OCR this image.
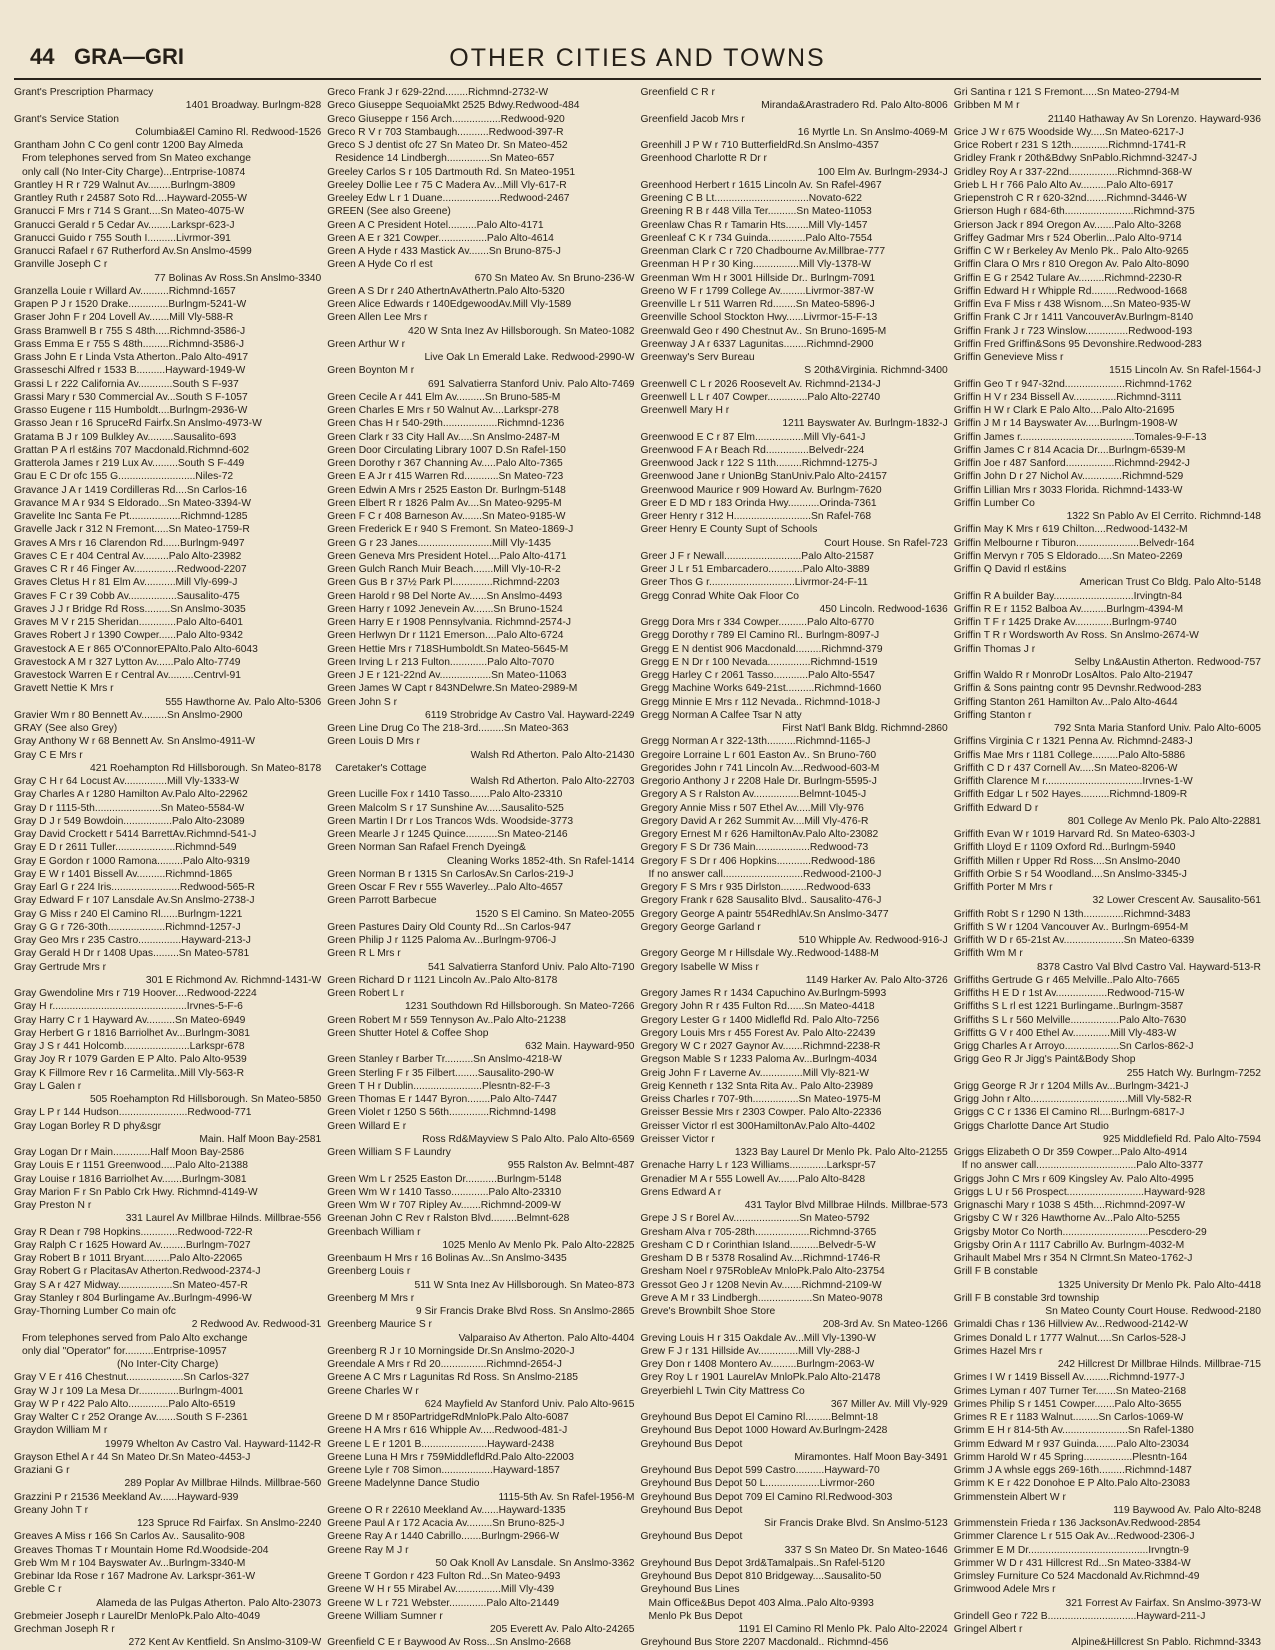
44 GRA—GRI	OTHER CITIES AND TOWNS
Grant's Prescription Pharmacy
1401 Broadway. Burlngm-828
Grant's Service Station
Columbia&El Camino Rl. Redwood-1526
Grantham John C Co genl contr 1200 Bay Almeda
From telephones served from Sn Mateo exchange
only call (No Inter-City Charge)...Entrprise-10874
Grantley H R r 729 Walnut Av........Burlngm-3809
Grantley Ruth r 24587 Soto Rd....Hayward-2055-W
Granucci F Mrs r 714 S Grant....Sn Mateo-4075-W
Granucci Gerald r 5 Cedar Av........Larkspr-623-J
Granucci Guido r 755 South I..........Livrmor-391
Granucci Rafael r 67 Rutherford Av.Sn Anslmo-4599
Granville Joseph C r
77 Bolinas Av Ross.Sn Anslmo-3340
Granzella Louie r Willard Av..........Richmnd-1657
Grapen P J r 1520 Drake..............Burlngm-5241-W
Graser John F r 204 Lovell Av.......Mill Vly-588-R
Grass Bramwell B r 755 S 48th.....Richmnd-3586-J
Grass Emma E r 755 S 48th.........Richmnd-3586-J
Grass John E r Linda Vsta Atherton..Palo Alto-4917
Grasseschi Alfred r 1533 B..........Hayward-1949-W
Grassi L r 222 California Av............South S F-937
Grassi Mary r 530 Commercial Av...South S F-1057
Grasso Eugene r 115 Humboldt....Burlngm-2936-W
Grasso Jean r 16 SpruceRd Fairfx.Sn Anslmo-4973-W
Gratama B J r 109 Bulkley Av.........Sausalito-693
Grattan P A rl est&ins 707 Macdonald.Richmnd-602
Gratterola James r 219 Lux Av.........South S F-449
Grau E C Dr ofc 155 G...........................Niles-72
Gravance J A r 1419 Cordilleras Rd....Sn Carlos-16
Gravance M A r 934 S Eldorado...Sn Mateo-3394-W
Gravelite Inc Santa Fe Pt..................Richmnd-1285
Gravelle Jack r 312 N Fremont.....Sn Mateo-1759-R
Graves A Mrs r 16 Clarendon Rd......Burlngm-9497
Graves C E r 404 Central Av.........Palo Alto-23982
Graves C R r 46 Finger Av...............Redwood-2207
Graves Cletus H r 81 Elm Av...........Mill Vly-699-J
Graves F C r 39 Cobb Av.................Sausalito-475
Graves J J r Bridge Rd Ross.........Sn Anslmo-3035
Graves M V r 215 Sheridan.............Palo Alto-6401
Graves Robert J r 1390 Cowper......Palo Alto-9342
Gravestock A E r 865 O'ConnorEPAlto.Palo Alto-6043
Gravestock A M r 327 Lytton Av......Palo Alto-7749
Gravestock Warren E r Central Av.........Centrvl-91
Gravett Nettie K Mrs r
555 Hawthorne Av. Palo Alto-5306
Gravier Wm r 80 Bennett Av.........Sn Anslmo-2900
GRAY (See also Grey)
Gray Anthony W r 68 Bennett Av. Sn Anslmo-4911-W
Gray C E Mrs r
421 Roehampton Rd Hillsborough. Sn Mateo-8178
Gray C H r 64 Locust Av...............Mill Vly-1333-W
Gray Charles A r 1280 Hamilton Av.Palo Alto-22962
Gray D r 1115-5th.......................Sn Mateo-5584-W
Gray D J r 549 Bowdoin.................Palo Alto-23089
Gray David Crockett r 5414 BarrettAv.Richmnd-541-J
Gray E D r 2611 Tuller.....................Richmnd-549
Gray E Gordon r 1000 Ramona.........Palo Alto-9319
Gray E W r 1401 Bissell Av..........Richmnd-1865
Gray Earl G r 224 Iris........................Redwood-565-R
Gray Edward F r 107 Lansdale Av.Sn Anslmo-2738-J
Gray G Miss r 240 El Camino Rl......Burlngm-1221
Gray G G r 726-30th....................Richmnd-1257-J
Gray Geo Mrs r 235 Castro...............Hayward-213-J
Gray Gerald H Dr r 1408 Upas.........Sn Mateo-5781
Gray Gertrude Mrs r
301 E Richmond Av. Richmnd-1431-W
Gray Gwendoline Mrs r 719 Hoover....Redwood-2224
Gray H r...............................................Irvnes-5-F-6
Gray Harry C r 1 Hayward Av..........Sn Mateo-6949
Gray Herbert G r 1816 Barriolhet Av...Burlngm-3081
Gray J S r 441 Holcomb.......................Larkspr-678
Gray Joy R r 1079 Garden E P Alto. Palo Alto-9539
Gray K Fillmore Rev r 16 Carmelita..Mill Vly-563-R
Gray L Galen r
505 Roehampton Rd Hillsborough. Sn Mateo-5850
Gray L P r 144 Hudson........................Redwood-771
Gray Logan Borley R D phy&sgr
Main. Half Moon Bay-2581
Gray Logan Dr r Main.............Half Moon Bay-2586
Gray Louis E r 1151 Greenwood.....Palo Alto-21388
Gray Louise r 1816 Barriolhet Av.......Burlngm-3081
Gray Marion F r Sn Pablo Crk Hwy. Richmnd-4149-W
Gray Preston N r
331 Laurel Av Millbrae Hilnds. Millbrae-556
Gray R Dean r 798 Hopkins.............Redwood-722-R
Gray Ralph C r 1625 Howard Av.........Burlngm-7027
Gray Robert B r 1011 Bryant.........Palo Alto-22065
Gray Robert G r PlacitasAv Atherton.Redwood-2374-J
Gray S A r 427 Midway...................Sn Mateo-457-R
Gray Stanley r 804 Burlingame Av..Burlngm-4996-W
Gray-Thorning Lumber Co main ofc
2 Redwood Av. Redwood-31
From telephones served from Palo Alto exchange
only dial "Operator" for..........Entrprise-10957
(No Inter-City Charge)
Gray V E r 416 Chestnut....................Sn Carlos-327
Gray W J r 109 La Mesa Dr..............Burlngm-4001
Gray W P r 422 Palo Alto..............Palo Alto-6519
Gray Walter C r 252 Orange Av.......South S F-2361
Graydon William M r
19979 Whelton Av Castro Val. Hayward-1142-R
Grayson Ethel A r 44 Sn Mateo Dr.Sn Mateo-4453-J
Graziani G r
289 Poplar Av Millbrae Hilnds. Millbrae-560
Grazzini P r 21536 Meekland Av......Hayward-939
Greany John T r
123 Spruce Rd Fairfax. Sn Anslmo-2240
Greaves A Miss r 166 Sn Carlos Av.. Sausalito-908
Greaves Thomas T r Mountain Home Rd.Woodside-204
Greb Wm M r 104 Bayswater Av...Burlngm-3340-M
Grebinar Ida Rose r 167 Madrone Av. Larkspr-361-W
Greble C r
Alameda de las Pulgas Atherton. Palo Alto-23073
Grebmeier Joseph r LaurelDr MenloPk.Palo Alto-4049
Grechman Joseph R r
272 Kent Av Kentfield. Sn Anslmo-3109-W
Greco Frank J r 629-22nd........Richmnd-2732-W
Greco Giuseppe SequoiaMkt 2525 Bdwy.Redwood-484
Greco Giuseppe r 156 Arch.................Redwood-920
Greco R V r 703 Stambaugh...........Redwood-397-R
Greco S J dentist ofc 27 Sn Mateo Dr. Sn Mateo-452
Residence 14 Lindbergh...............Sn Mateo-657
Greeley Carlos S r 105 Dartmouth Rd. Sn Mateo-1951
Greeley Dollie Lee r 75 C Madera Av...Mill Vly-617-R
Greeley Edw L r 1 Duane....................Redwood-2467
GREEN (See also Greene)
Green A C President Hotel..........Palo Alto-4171
Green A E r 321 Cowper.................Palo Alto-4614
Green A Hyde r 433 Mastick Av.......Sn Bruno-875-J
Green A Hyde Co rl est
670 Sn Mateo Av. Sn Bruno-236-W
Green A S Dr r 240 AthertnAvAthertn.Palo Alto-5320
Green Alice Edwards r 140EdgewoodAv.Mill Vly-1589
Green Allen Lee Mrs r
420 W Snta Inez Av Hillsborough. Sn Mateo-1082
Green Arthur W r
Live Oak Ln Emerald Lake. Redwood-2990-W
Green Boynton M r
691 Salvatierra Stanford Univ. Palo Alto-7469
Green Cecile A r 441 Elm Av..........Sn Bruno-585-M
Green Charles E Mrs r 50 Walnut Av....Larkspr-278
Green Chas H r 540-29th...................Richmnd-1236
Green Clark r 33 City Hall Av.....Sn Anslmo-2487-M
Green Door Circulating Library 1007 D.Sn Rafel-150
Green Dorothy r 367 Channing Av.....Palo Alto-7365
Green E A Jr r 415 Warren Rd............Sn Mateo-723
Green Edwin A Mrs r 2525 Easton Dr. Burlngm-5148
Green Elbert R r 1826 Palm Av....Sn Mateo-9295-M
Green F C r 408 Barneson Av.......Sn Mateo-9185-W
Green Frederick E r 940 S Fremont. Sn Mateo-1869-J
Green G r 23 Janes..........................Mill Vly-1435
Green Geneva Mrs President Hotel....Palo Alto-4171
Green Gulch Ranch Muir Beach.......Mill Vly-10-R-2
Green Gus B r 37½ Park Pl..............Richmnd-2203
Green Harold r 98 Del Norte Av......Sn Anslmo-4493
Green Harry r 1092 Jenevein Av.......Sn Bruno-1524
Green Harry E r 1908 Pennsylvania. Richmnd-2574-J
Green Herlwyn Dr r 1121 Emerson....Palo Alto-6724
Green Hettie Mrs r 718SHumboldt.Sn Mateo-5645-M
Green Irving L r 213 Fulton.............Palo Alto-7070
Green J E r 121-22nd Av..................Sn Mateo-11063
Green James W Capt r 843NDelwre.Sn Mateo-2989-M
Green John S r
6119 Strobridge Av Castro Val. Hayward-2249
Green Line Drug Co The 218-3rd.........Sn Mateo-363
Green Louis D Mrs r
Walsh Rd Atherton. Palo Alto-21430
Caretaker's Cottage
Walsh Rd Atherton. Palo Alto-22703
Green Lucille Fox r 1410 Tasso.......Palo Alto-23310
Green Malcolm S r 17 Sunshine Av.....Sausalito-525
Green Martin I Dr r Los Trancos Wds. Woodside-3773
Green Mearle J r 1245 Quince...........Sn Mateo-2146
Green Norman San Rafael French Dyeing&
Cleaning Works 1852-4th. Sn Rafel-1414
Green Norman B r 1315 Sn CarlosAv.Sn Carlos-219-J
Green Oscar F Rev r 555 Waverley...Palo Alto-4657
Green Parrott Barbecue
1520 S El Camino. Sn Mateo-2055
Green Pastures Dairy Old County Rd...Sn Carlos-947
Green Philip J r 1125 Paloma Av...Burlngm-9706-J
Green R L Mrs r
541 Salvatierra Stanford Univ. Palo Alto-7190
Green Richard D r 1121 Lincoln Av..Palo Alto-8178
Green Robert L r
1231 Southdown Rd Hillsborough. Sn Mateo-7266
Green Robert M r 559 Tennyson Av..Palo Alto-21238
Green Shutter Hotel & Coffee Shop
632 Main. Hayward-950
Green Stanley r Barber Tr..........Sn Anslmo-4218-W
Green Sterling F r 35 Filbert........Sausalito-290-W
Green T H r Dublin........................Plesntn-82-F-3
Green Thomas E r 1447 Byron........Palo Alto-7447
Green Violet r 1250 S 56th..............Richmnd-1498
Green Willard E r
Ross Rd&Mayview S Palo Alto. Palo Alto-6569
Green William S F Laundry
955 Ralston Av. Belmnt-487
Green Wm L r 2525 Easton Dr...........Burlngm-5148
Green Wm W r 1410 Tasso.............Palo Alto-23310
Green Wm W r 707 Ripley Av.......Richmnd-2009-W
Greenan John C Rev r Ralston Blvd.........Belmnt-628
Greenbach William r
1025 Menlo Av Menlo Pk. Palo Alto-22825
Greenbaum H Mrs r 16 Bolinas Av...Sn Anslmo-3435
Greenberg Louis r
511 W Snta Inez Av Hillsborough. Sn Mateo-873
Greenberg M Mrs r
9 Sir Francis Drake Blvd Ross. Sn Anslmo-2865
Greenberg Maurice S r
Valparaiso Av Atherton. Palo Alto-4404
Greenberg R J r 10 Morningside Dr.Sn Anslmo-2020-J
Greendale A Mrs r Rd 20................Richmnd-2654-J
Greene A C Mrs r Lagunitas Rd Ross. Sn Anslmo-2185
Greene Charles W r
624 Mayfield Av Stanford Univ. Palo Alto-9615
Greene D M r 850PartridgeRdMnloPk.Palo Alto-6087
Greene H A Mrs r 616 Whipple Av.....Redwood-481-J
Greene L E r 1201 B.......................Hayward-2438
Greene Luna H Mrs r 759MiddlefldRd.Palo Alto-22003
Greene Lyle r 708 Simon..................Hayward-1857
Greene Madelynne Dance Studio
1115-5th Av. Sn Rafel-1956-M
Greene O R r 22610 Meekland Av......Hayward-1335
Greene Paul A r 172 Acacia Av.........Sn Bruno-825-J
Greene Ray A r 1440 Cabrillo.......Burlngm-2966-W
Greene Ray M J r
50 Oak Knoll Av Lansdale. Sn Anslmo-3362
Greene T Gordon r 423 Fulton Rd...Sn Mateo-9493
Greene W H r 55 Mirabel Av................Mill Vly-439
Greene W L r 721 Webster.............Palo Alto-21449
Greene William Sumner r
205 Everett Av. Palo Alto-24265
Greenfield C E r Baywood Av Ross...Sn Anslmo-2668
Greenfield C R r
Miranda&Arastradero Rd. Palo Alto-8006
Greenfield Jacob Mrs r
16 Myrtle Ln. Sn Anslmo-4069-M
Greenhill J P W r 710 ButterfieldRd.Sn Anslmo-4357
Greenhood Charlotte R Dr r
100 Elm Av. Burlngm-2934-J
Greenhood Herbert r 1615 Lincoln Av. Sn Rafel-4967
Greening C B Lt.................................Novato-622
Greening R B r 448 Villa Ter..........Sn Mateo-11053
Greenlaw Chas R r Tamarin Hts........Mill Vly-1457
Greenleaf C K r 734 Guinda.............Palo Alto-7554
Greenman Clark C r 720 Chadbourne Av.Millbrae-777
Greenman H P r 30 King................Mill Vly-1378-W
Greenman Wm H r 3001 Hillside Dr.. Burlngm-7091
Greeno W F r 1799 College Av.........Livrmor-387-W
Greenville L r 511 Warren Rd........Sn Mateo-5896-J
Greenville School Stockton Hwy......Livrmor-15-F-13
Greenwald Geo r 490 Chestnut Av.. Sn Bruno-1695-M
Greenway J A r 6337 Lagunitas........Richmnd-2900
Greenway's Serv Bureau
S 20th&Virginia. Richmnd-3400
Greenwell C L r 2026 Roosevelt Av. Richmnd-2134-J
Greenwell L L r 407 Cowper..............Palo Alto-22740
Greenwell Mary H r
1211 Bayswater Av. Burlngm-1832-J
Greenwood E C r 87 Elm.................Mill Vly-641-J
Greenwood F A r Beach Rd...............Belvedr-224
Greenwood Jack r 122 S 11th.........Richmnd-1275-J
Greenwood Jane r UnionBg StanUniv.Palo Alto-24157
Greenwood Maurice r 909 Howard Av. Burlngm-7620
Greer E D MD r 183 Orinda Hwy...........Orinda-7361
Greer Henry r 312 H...........................Sn Rafel-768
Greer Henry E County Supt of Schools
Court House. Sn Rafel-723
Greer J F r Newall...........................Palo Alto-21587
Greer J L r 51 Embarcadero............Palo Alto-3889
Greer Thos G r..............................Livrmor-24-F-11
Gregg Conrad White Oak Floor Co
450 Lincoln. Redwood-1636
Gregg Dora Mrs r 334 Cowper..........Palo Alto-6770
Gregg Dorothy r 789 El Camino Rl.. Burlngm-8097-J
Gregg E N dentist 906 Macdonald.........Richmnd-379
Gregg E N Dr r 100 Nevada...............Richmnd-1519
Gregg Harley C r 2061 Tasso............Palo Alto-5547
Gregg Machine Works 649-21st..........Richmnd-1660
Gregg Minnie E Mrs r 112 Nevada.. Richmnd-1018-J
Gregg Norman A Calfee Tsar N atty
First Nat'l Bank Bldg. Richmnd-2860
Gregg Norman A r 322-13th..........Richmnd-1165-J
Gregoire Lorraine L r 601 Easton Av.. Sn Bruno-760
Gregorides John r 741 Lincoln Av....Redwood-603-M
Gregorio Anthony J r 2208 Hale Dr. Burlngm-5595-J
Gregory A S r Ralston Av................Belmnt-1045-J
Gregory Annie Miss r 507 Ethel Av.....Mill Vly-976
Gregory David A r 262 Summit Av....Mill Vly-476-R
Gregory Ernest M r 626 HamiltonAv.Palo Alto-23082
Gregory F S Dr 736 Main...................Redwood-73
Gregory F S Dr r 406 Hopkins............Redwood-186
If no answer call............................Redwood-2100-J
Gregory F S Mrs r 935 Dirlston.........Redwood-633
Gregory Frank r 628 Sausalito Blvd.. Sausalito-476-J
Gregory George A paintr 554RedhlAv.Sn Anslmo-3477
Gregory George Garland r
510 Whipple Av. Redwood-916-J
Gregory George M r Hillsdale Wy..Redwood-1488-M
Gregory Isabelle W Miss r
1149 Harker Av. Palo Alto-3726
Gregory James R r 1434 Capuchino Av.Burlngm-5993
Gregory John R r 435 Fulton Rd......Sn Mateo-4418
Gregory Lester G r 1400 Midlefld Rd. Palo Alto-7256
Gregory Louis Mrs r 455 Forest Av. Palo Alto-22439
Gregory W C r 2027 Gaynor Av.......Richmnd-2238-R
Gregson Mable S r 1233 Paloma Av...Burlngm-4034
Greig John F r Laverne Av...............Mill Vly-821-W
Greig Kenneth r 132 Snta Rita Av.. Palo Alto-23989
Greiss Charles r 707-9th................Sn Mateo-1975-M
Greisser Bessie Mrs r 2303 Cowper. Palo Alto-22336
Greisser Victor rl est 300HamiltonAv.Palo Alto-4402
Greisser Victor r
1323 Bay Laurel Dr Menlo Pk. Palo Alto-21255
Grenache Harry L r 123 Williams.............Larkspr-57
Grenadier M A r 555 Lowell Av.......Palo Alto-8428
Grens Edward A r
431 Taylor Blvd Millbrae Hilnds. Millbrae-573
Grepe J S r Borel Av.......................Sn Mateo-5792
Gresham Alva r 705-28th...................Richmnd-3765
Gresham C D r Corinthian Island..........Belvedr-5-W
Gresham D B r 5378 Rosalind Av....Richmnd-1746-R
Gresham Noel r 975RobleAv MnloPk.Palo Alto-23754
Gressot Geo J r 1208 Nevin Av.......Richmnd-2109-W
Greve A M r 33 Lindbergh...................Sn Mateo-9078
Greve's Brownbilt Shoe Store
208-3rd Av. Sn Mateo-1266
Greving Louis H r 315 Oakdale Av...Mill Vly-1390-W
Grew F J r 131 Hillside Av..............Mill Vly-288-J
Grey Don r 1408 Montero Av.........Burlngm-2063-W
Grey Roy L r 1901 LaurelAv MnloPk.Palo Alto-21478
Greyerbiehl L Twin City Mattress Co
367 Miller Av. Mill Vly-929
Greyhound Bus Depot El Camino Rl.........Belmnt-18
Greyhound Bus Depot 1000 Howard Av.Burlngm-2428
Greyhound Bus Depot
Miramontes. Half Moon Bay-3491
Greyhound Bus Depot 599 Castro..........Hayward-70
Greyhound Bus Depot 50 L...................Livrmor-260
Greyhound Bus Depot 709 El Camino Rl.Redwood-303
Greyhound Bus Depot
Sir Francis Drake Blvd. Sn Anslmo-5123
Greyhound Bus Depot
337 S Sn Mateo Dr. Sn Mateo-1646
Greyhound Bus Depot 3rd&Tamalpais..Sn Rafel-5120
Greyhound Bus Depot 810 Bridgeway....Sausalito-50
Greyhound Bus Lines
Main Office&Bus Depot 403 Alma..Palo Alto-9393
Menlo Pk Bus Depot
1191 El Camino Rl Menlo Pk. Palo Alto-22024
Greyhound Bus Store 2207 Macdonald.. Richmnd-456
Gri Santina r 121 S Fremont.....Sn Mateo-2794-M
Gribben M M r
21140 Hathaway Av Sn Lorenzo. Hayward-936
Grice J W r 675 Woodside Wy.....Sn Mateo-6217-J
Grice Robert r 231 S 12th.............Richmnd-1741-R
Gridley Frank r 20th&Bdwy SnPablo.Richmnd-3247-J
Gridley Roy A r 337-22nd.................Richmnd-368-W
Grieb L H r 766 Palo Alto Av.........Palo Alto-6917
Griepenstroh C R r 620-32nd.......Richmnd-3446-W
Grierson Hugh r 684-6th........................Richmnd-375
Grierson Jack r 894 Oregon Av.......Palo Alto-3268
Griffey Gadmar Mrs r 524 Oberlin...Palo Alto-9714
Griffin C W r Berkeley Av Menlo Pk.. Palo Alto-9265
Griffin Clara O Mrs r 810 Oregon Av. Palo Alto-8090
Griffin E G r 2542 Tulare Av.........Richmnd-2230-R
Griffin Edward H r Whipple Rd.........Redwood-1668
Griffin Eva F Miss r 438 Wisnom....Sn Mateo-935-W
Griffin Frank C Jr r 1411 VancouverAv.Burlngm-8140
Griffin Frank J r 723 Winslow...............Redwood-193
Griffin Fred Griffin&Sons 95 Devonshire.Redwood-283
Griffin Genevieve Miss r
1515 Lincoln Av. Sn Rafel-1564-J
Griffin Geo T r 947-32nd.....................Richmnd-1762
Griffin H V r 234 Bissell Av...............Richmnd-3111
Griffin H W r Clark E Palo Alto....Palo Alto-21695
Griffin J M r 14 Bayswater Av.....Burlngm-1908-W
Griffin James r........................................Tomales-9-F-13
Griffin James C r 814 Acacia Dr....Burlngm-6539-M
Griffin Joe r 487 Sanford.................Richmnd-2942-J
Griffin John D r 27 Nichol Av..............Richmnd-529
Griffin Lillian Mrs r 3033 Florida. Richmnd-1433-W
Griffin Lumber Co
1322 Sn Pablo Av El Cerrito. Richmnd-148
Griffin May K Mrs r 619 Chilton....Redwood-1432-M
Griffin Melbourne r Tiburon......................Belvedr-164
Griffin Mervyn r 705 S Eldorado.....Sn Mateo-2269
Griffin Q David rl est&ins
American Trust Co Bldg. Palo Alto-5148
Griffin R A builder Bay............................Irvingtn-84
Griffin R E r 1152 Balboa Av.........Burlngm-4394-M
Griffin T F r 1425 Drake Av.............Burlngm-9740
Griffin T R r Wordsworth Av Ross. Sn Anslmo-2674-W
Griffin Thomas J r
Selby Ln&Austin Atherton. Redwood-757
Griffin Waldo R r MonroDr LosAltos. Palo Alto-21947
Griffin & Sons paintng contr 95 Devnshr.Redwood-283
Griffing Stanton 261 Hamilton Av...Palo Alto-4644
Griffing Stanton r
792 Snta Maria Stanford Univ. Palo Alto-6005
Griffins Virginia C r 1321 Penna Av. Richmnd-2483-J
Griffis Mae Mrs r 1181 College.........Palo Alto-5886
Griffith C D r 437 Cornell Av.....Sn Mateo-8206-W
Griffith Clarence M r..................................Irvnes-1-W
Griffith Edgar L r 502 Hayes..........Richmnd-1809-R
Griffith Edward D r
801 College Av Menlo Pk. Palo Alto-22881
Griffith Evan W r 1019 Harvard Rd. Sn Mateo-6303-J
Griffith Lloyd E r 1109 Oxford Rd...Burlngm-5940
Griffith Millen r Upper Rd Ross....Sn Anslmo-2040
Griffith Orbie S r 54 Woodland....Sn Anslmo-3345-J
Griffith Porter M Mrs r
32 Lower Crescent Av. Sausalito-561
Griffith Robt S r 1290 N 13th..............Richmnd-3483
Griffith S W r 1204 Vancouver Av.. Burlngm-6954-M
Griffith W D r 65-21st Av.....................Sn Mateo-6339
Griffith Wm M r
8378 Castro Val Blvd Castro Val. Hayward-513-R
Griffiths Gertrude G r 465 Melville..Palo Alto-7665
Griffiths H E D r 1st Av..................Redwood-715-W
Griffiths S L rl est 1221 Burlingame..Burlngm-3587
Griffiths S L r 560 Melville.................Palo Alto-7630
Griffitts G V r 400 Ethel Av.............Mill Vly-483-W
Grigg Charles A r Arroyo...................Sn Carlos-862-J
Grigg Geo R Jr Jigg's Paint&Body Shop
255 Hatch Wy. Burlngm-7252
Grigg George R Jr r 1204 Mills Av...Burlngm-3421-J
Grigg John r Alto..................................Mill Vly-582-R
Griggs C C r 1336 El Camino Rl....Burlngm-6817-J
Griggs Charlotte Dance Art Studio
925 Middlefield Rd. Palo Alto-7594
Griggs Elizabeth O Dr 359 Cowper...Palo Alto-4914
If no answer call...................................Palo Alto-3377
Griggs John C Mrs r 609 Kingsley Av. Palo Alto-4995
Griggs L U r 56 Prospect...........................Hayward-928
Grignaschi Mary r 1038 S 45th....Richmnd-2097-W
Grigsby C W r 326 Hawthorne Av...Palo Alto-5255
Grigsby Motor Co North..............................Pescdero-29
Grigsby Orin A r 1117 Cabrillo Av. Burlngm-4032-M
Grihault Mabel Mrs r 354 N Clrmnt.Sn Mateo-1762-J
Grill F B constable
1325 University Dr Menlo Pk. Palo Alto-4418
Grill F B constable 3rd township
Sn Mateo County Court House. Redwood-2180
Grimaldi Chas r 136 Hillview Av...Redwood-2142-W
Grimes Donald L r 1777 Walnut.....Sn Carlos-528-J
Grimes Hazel Mrs r
242 Hillcrest Dr Millbrae Hilnds. Millbrae-715
Grimes I W r 1419 Bissell Av.........Richmnd-1977-J
Grimes Lyman r 407 Turner Ter.......Sn Mateo-2168
Grimes Philip S r 1451 Cowper.......Palo Alto-3655
Grimes R E r 1183 Walnut.........Sn Carlos-1069-W
Grimm E H r 814-5th Av.......................Sn Rafel-1380
Grimm Edward M r 937 Guinda.......Palo Alto-23034
Grimm Harold W r 45 Spring.................Plesntn-164
Grimm J A whsle eggs 269-16th.........Richmnd-1487
Grimm K E r 422 Donohoe E P Alto.Palo Alto-23083
Grimmenstein Albert W r
119 Baywood Av. Palo Alto-8248
Grimmenstein Frieda r 136 JacksonAv.Redwood-2854
Grimmer Clarence L r 515 Oak Av...Redwood-2306-J
Grimmer E M Dr..........................................Irvngtn-9
Grimmer W D r 431 Hillcrest Rd...Sn Mateo-3384-W
Grimsley Furniture Co 524 Macdonald Av.Richmnd-49
Grimwood Adele Mrs r
321 Forrest Av Fairfax. Sn Anslmo-3973-W
Grindell Geo r 722 B...............................Hayward-211-J
Gringel Albert r
Alpine&Hillcrest Sn Pablo. Richmnd-3343
